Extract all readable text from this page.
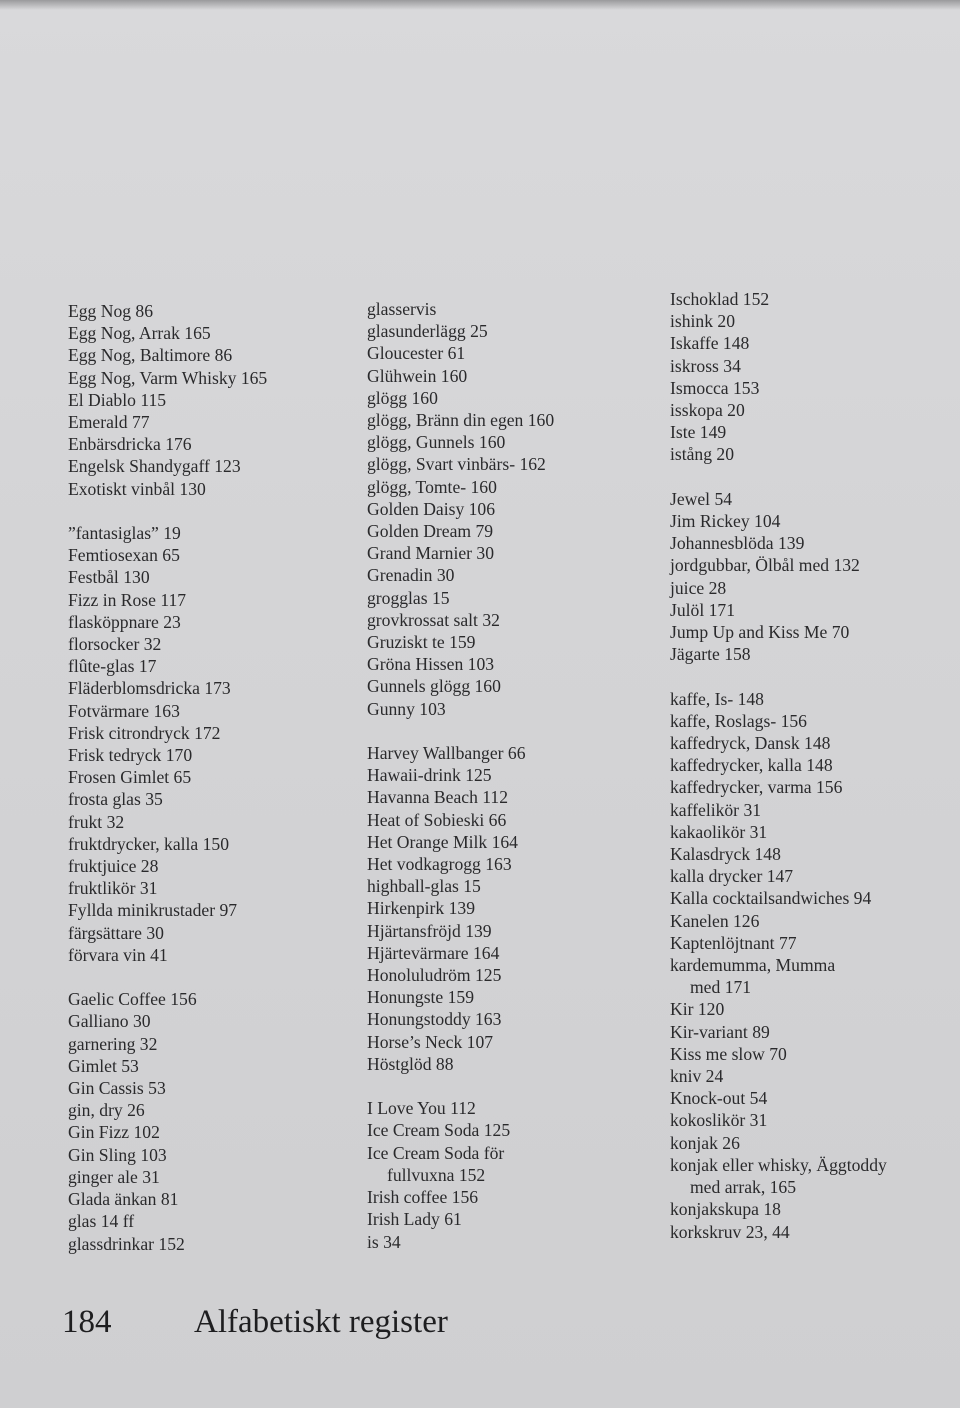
Egg Nog 86
Egg Nog, Arrak 165
Egg Nog, Baltimore 86
Egg Nog, Varm Whisky 165
El Diablo 115
Emerald 77
Enbärsdricka 176
Engelsk Shandygaff 123
Exotiskt vinbål 130
”fantasiglas” 19
Femtiosexan 65
Festbål 130
Fizz in Rose 117
flasköppnare 23
florsocker 32
flûte-glas 17
Fläderblomsdricka 173
Fotvärmare 163
Frisk citrondryck 172
Frisk tedryck 170
Frosen Gimlet 65
frosta glas 35
frukt 32
fruktdrycker, kalla 150
fruktjuice 28
fruktlikör 31
Fyllda minikrustader 97
färgsättare 30
förvara vin 41
Gaelic Coffee 156
Galliano 30
garnering 32
Gimlet 53
Gin Cassis 53
gin, dry 26
Gin Fizz 102
Gin Sling 103
ginger ale 31
Glada änkan 81
glas 14 ff
glassdrinkar 152
glasservis
glasunderlägg 25
Gloucester 61
Glühwein 160
glögg 160
glögg, Bränn din egen 160
glögg, Gunnels 160
glögg, Svart vinbärs- 162
glögg, Tomte- 160
Golden Daisy 106
Golden Dream 79
Grand Marnier 30
Grenadin 30
grogglas 15
grovkrossat salt 32
Gruziskt te 159
Gröna Hissen 103
Gunnels glögg 160
Gunny 103
Harvey Wallbanger 66
Hawaii-drink 125
Havanna Beach 112
Heat of Sobieski 66
Het Orange Milk 164
Het vodkagrogg 163
highball-glas 15
Hirkenpirk 139
Hjärtansfröjd 139
Hjärtevärmare 164
Honoluludröm 125
Honungste 159
Honungstoddy 163
Horse’s Neck 107
Höstglöd 88
I Love You 112
Ice Cream Soda 125
Ice Cream Soda för
fullvuxna 152
Irish coffee 156
Irish Lady 61
is 34
Ischoklad 152
ishink 20
Iskaffe 148
iskross 34
Ismocca 153
isskopa 20
Iste 149
istång 20
Jewel 54
Jim Rickey 104
Johannesblöda 139
jordgubbar, Ölbål med 132
juice 28
Julöl 171
Jump Up and Kiss Me 70
Jägarte 158
kaffe, Is- 148
kaffe, Roslags- 156
kaffedryck, Dansk 148
kaffedrycker, kalla 148
kaffedrycker, varma 156
kaffelikör 31
kakaolikör 31
Kalasdryck 148
kalla drycker 147
Kalla cocktailsandwiches 94
Kanelen 126
Kaptenlöjtnant 77
kardemumma, Mumma
med 171
Kir 120
Kir-variant 89
Kiss me slow 70
kniv 24
Knock-out 54
kokoslikör 31
konjak 26
konjak eller whisky, Äggtoddy
med arrak, 165
konjakskupa 18
korkskruv 23, 44
184	Alfabetiskt register
